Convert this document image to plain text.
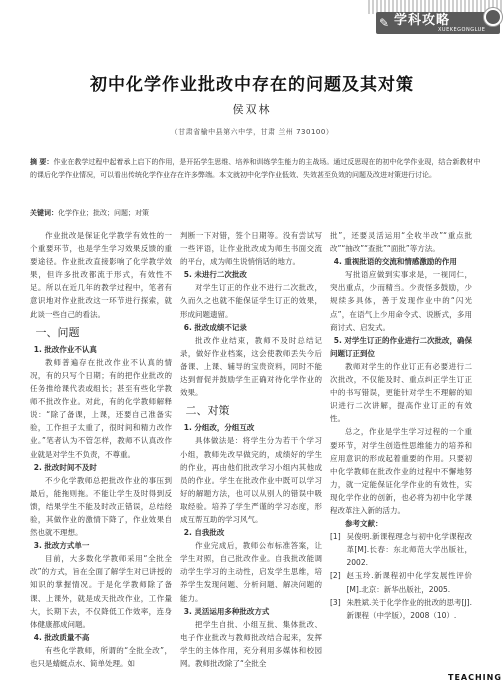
✎ 学科攻略
XUEKEGONGLUE
初中化学作业批改中存在的问题及其对策
侯双林
（甘肃省榆中县第六中学，甘肃 兰州 730100）
摘 要：作业在教学过程中起着承上启下的作用，是开拓学生思维、培养和训练学生能力的主战场。通过反思现在的初中化学作业现，结合新教材中的课后化学作业情况，可以看出传统化学作业存在许多弊端。本文就初中化学作业低效、失效甚至负效的问题及改进对策进行讨论。
关键词：化学作业；批改；问题；对策

作业批改是保证化学教学有效性的一个重要环节，也是学生学习效果反馈的重要途径。作业批改直接影响了化学教学效果，但许多批改都流于形式，有效性不足。所以在近几年的教学过程中，笔者有意识地对作业批改这一环节进行探索，就此谈一些自己的看法。

一、问题

1. 批改作业不认真

教师普遍存在批改作业不认真的情况，有的只写个日期；有的把作业批改的任务推给课代表或组长；甚至有些化学教师不批改作业。对此，有的化学教师解释说：“除了备课，上课，还要自己准备实验，工作担子太重了，很时间和精力改作业。”笔者认为不管怎样，教师不认真改作业就是对学生不负责，不尊重。

2. 批改时间不及时

不少化学教师总把批改作业的事压到最后，能拖则拖。不能让学生及时得到反馈，结果学生不能及时改正错误，总结经验，其做作业的激情下降了，作业效果自然也就不理想。

3. 批改方式单一

目前，大多数化学教师采用“全批全改”的方式，旨在全面了解学生对已讲授的知识的掌握情况。于是化学教师除了备课、上课外，就是成天批改作业，工作量大，长期下去，不仅降低工作效率，连身体健康都成问题。

4. 批改质量不高

有些化学教师，所谓的“全批全改”，也只是蜻蜓点水、简单处理。如

判断一下对错，签个日期等。没有尝试写一些评语，让作业批改成为师生书面交流的平台，成为师生说悄悄话的地方。

5. 未进行二次批改

对学生订正的作业不进行二次批改，久而久之也就不能保证学生订正的效果，形成问题遗留。

6. 批改成绩不记录

批改作业结束，教师不及时总结记录，做好作业档案，这会使教师丢失今后备课、上课、辅导的宝贵资料，同时不能达到督促并鼓励学生正确对待化学作业的效果。

二、对策

1. 分组改，分组互改

具体做法是：将学生分为若干个学习小组，教师先改早做完的，成绩好的学生的作业，再由他们批改学习小组内其他成员的作业。学生在批改作业中既可以学习好的解题方法，也可以从别人的错误中吸取经验。培养了学生严谨的学习态度，形成互帮互助的学习风气。

2. 自我批改

作业完成后，教师公布标准答案，让学生对照，自己批改作业。自我批改能调动学生学习的主动性，启发学生思维，培养学生发现问题、分析问题、解决问题的能力。

3. 灵活运用多种批改方式

把学生自批、小组互批、集体批改、电子作业批改与教师批改结合起来，发挥学生的主体作用，充分利用多媒体和校园网。教师批改除了“全批全

批”，还要灵活运用“全收半改”“重点批改”“抽改”“查批”“面批”等方法。

4. 重视批语的交流和情感激励的作用

写批语应做到实事求是，一视同仁，突出重点，少而精当。少责怪多鼓励，少规续多具体，善于发现作业中的“闪光点”，在语气上少用命令式、说断式，多用商讨式、启发式。

5. 对学生订正的作业进行二次批改，确保问题订正到位

教师对学生的作业订正有必要进行二次批改，不仅能及时、重点纠正学生订正中的书写错误，更能针对学生不理解的知识进行二次讲解，提高作业订正的有效性。

总之，作业是学生学习过程的一个重要环节，对学生创造性思维能力的培养和应用意识的形成起着重要的作用。只要初中化学教师在批改作业的过程中不懈地努力，就一定能保证化学作业的有效性，实现化学作业的创新，也必将为初中化学课程改革注入新的活力。

参考文献：

[1] 吴俊明.新课程理念与初中化学课程改革[M].长春：东北师范大学出版社，2002.

[2] 赵玉玲.新课程初中化学发展性评价[M].北京：新华出版社，2005.

[3] 朱胜斌.关于化学作业的批改的思考[J].新课程（中学版），2008（10）.

TEACHING
